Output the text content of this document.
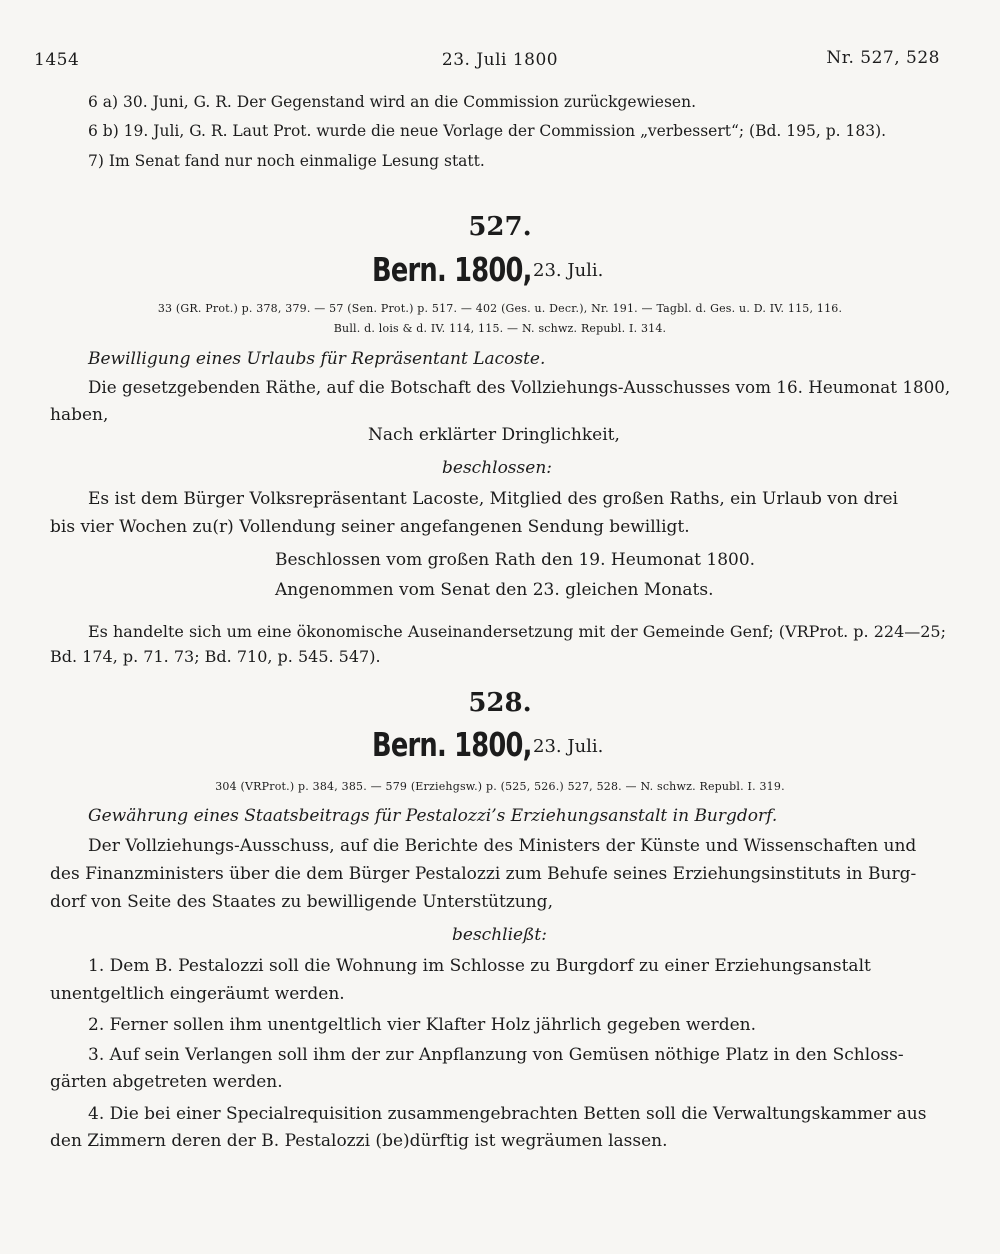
1454	23. Juli 1800	Nr. 527, 528
6 a) 30. Juni, G. R. Der Gegenstand wird an die Commission zurückgewiesen.
6 b) 19. Juli, G. R. Laut Prot. wurde die neue Vorlage der Commission „verbessert“; (Bd. 195, p. 183).
7) Im Senat fand nur noch einmalige Lesung statt.
527.
Bern. 1800, 23. Juli.
33 (GR. Prot.) p. 378, 379. — 57 (Sen. Prot.) p. 517. — 402 (Ges. u. Decr.), Nr. 191. — Tagbl. d. Ges. u. D. IV. 115, 116.
Bull. d. lois & d. IV. 114, 115. — N. schwz. Republ. I. 314.
Bewilligung eines Urlaubs für Repräsentant Lacoste.
Die gesetzgebenden Räthe, auf die Botschaft des Vollziehungs-Ausschusses vom 16. Heumonat 1800,
haben,
Nach erklärter Dringlichkeit,
beschlossen:
Es ist dem Bürger Volksrepräsentant Lacoste, Mitglied des großen Raths, ein Urlaub von drei
bis vier Wochen zu(r) Vollendung seiner angefangenen Sendung bewilligt.
Beschlossen vom großen Rath den 19. Heumonat 1800.
Angenommen vom Senat den 23. gleichen Monats.
Es handelte sich um eine ökonomische Auseinandersetzung mit der Gemeinde Genf; (VRProt. p. 224—25;
Bd. 174, p. 71. 73; Bd. 710, p. 545. 547).
528.
Bern. 1800, 23. Juli.
304 (VRProt.) p. 384, 385. — 579 (Erziehgsw.) p. (525, 526.) 527, 528. — N. schwz. Republ. I. 319.
Gewährung eines Staatsbeitrags für Pestalozzi’s Erziehungsanstalt in Burgdorf.
Der Vollziehungs-Ausschuss, auf die Berichte des Ministers der Künste und Wissenschaften und
des Finanzministers über die dem Bürger Pestalozzi zum Behufe seines Erziehungsinstituts in Burg-
dorf von Seite des Staates zu bewilligende Unterstützung,
beschließt:
1. Dem B. Pestalozzi soll die Wohnung im Schlosse zu Burgdorf zu einer Erziehungsanstalt
unentgeltlich eingeräumt werden.
2. Ferner sollen ihm unentgeltlich vier Klafter Holz jährlich gegeben werden.
3. Auf sein Verlangen soll ihm der zur Anpflanzung von Gemüsen nöthige Platz in den Schloss-
gärten abgetreten werden.
4. Die bei einer Specialrequisition zusammengebrachten Betten soll die Verwaltungskammer aus
den Zimmern deren der B. Pestalozzi (be)dürftig ist wegräumen lassen.
